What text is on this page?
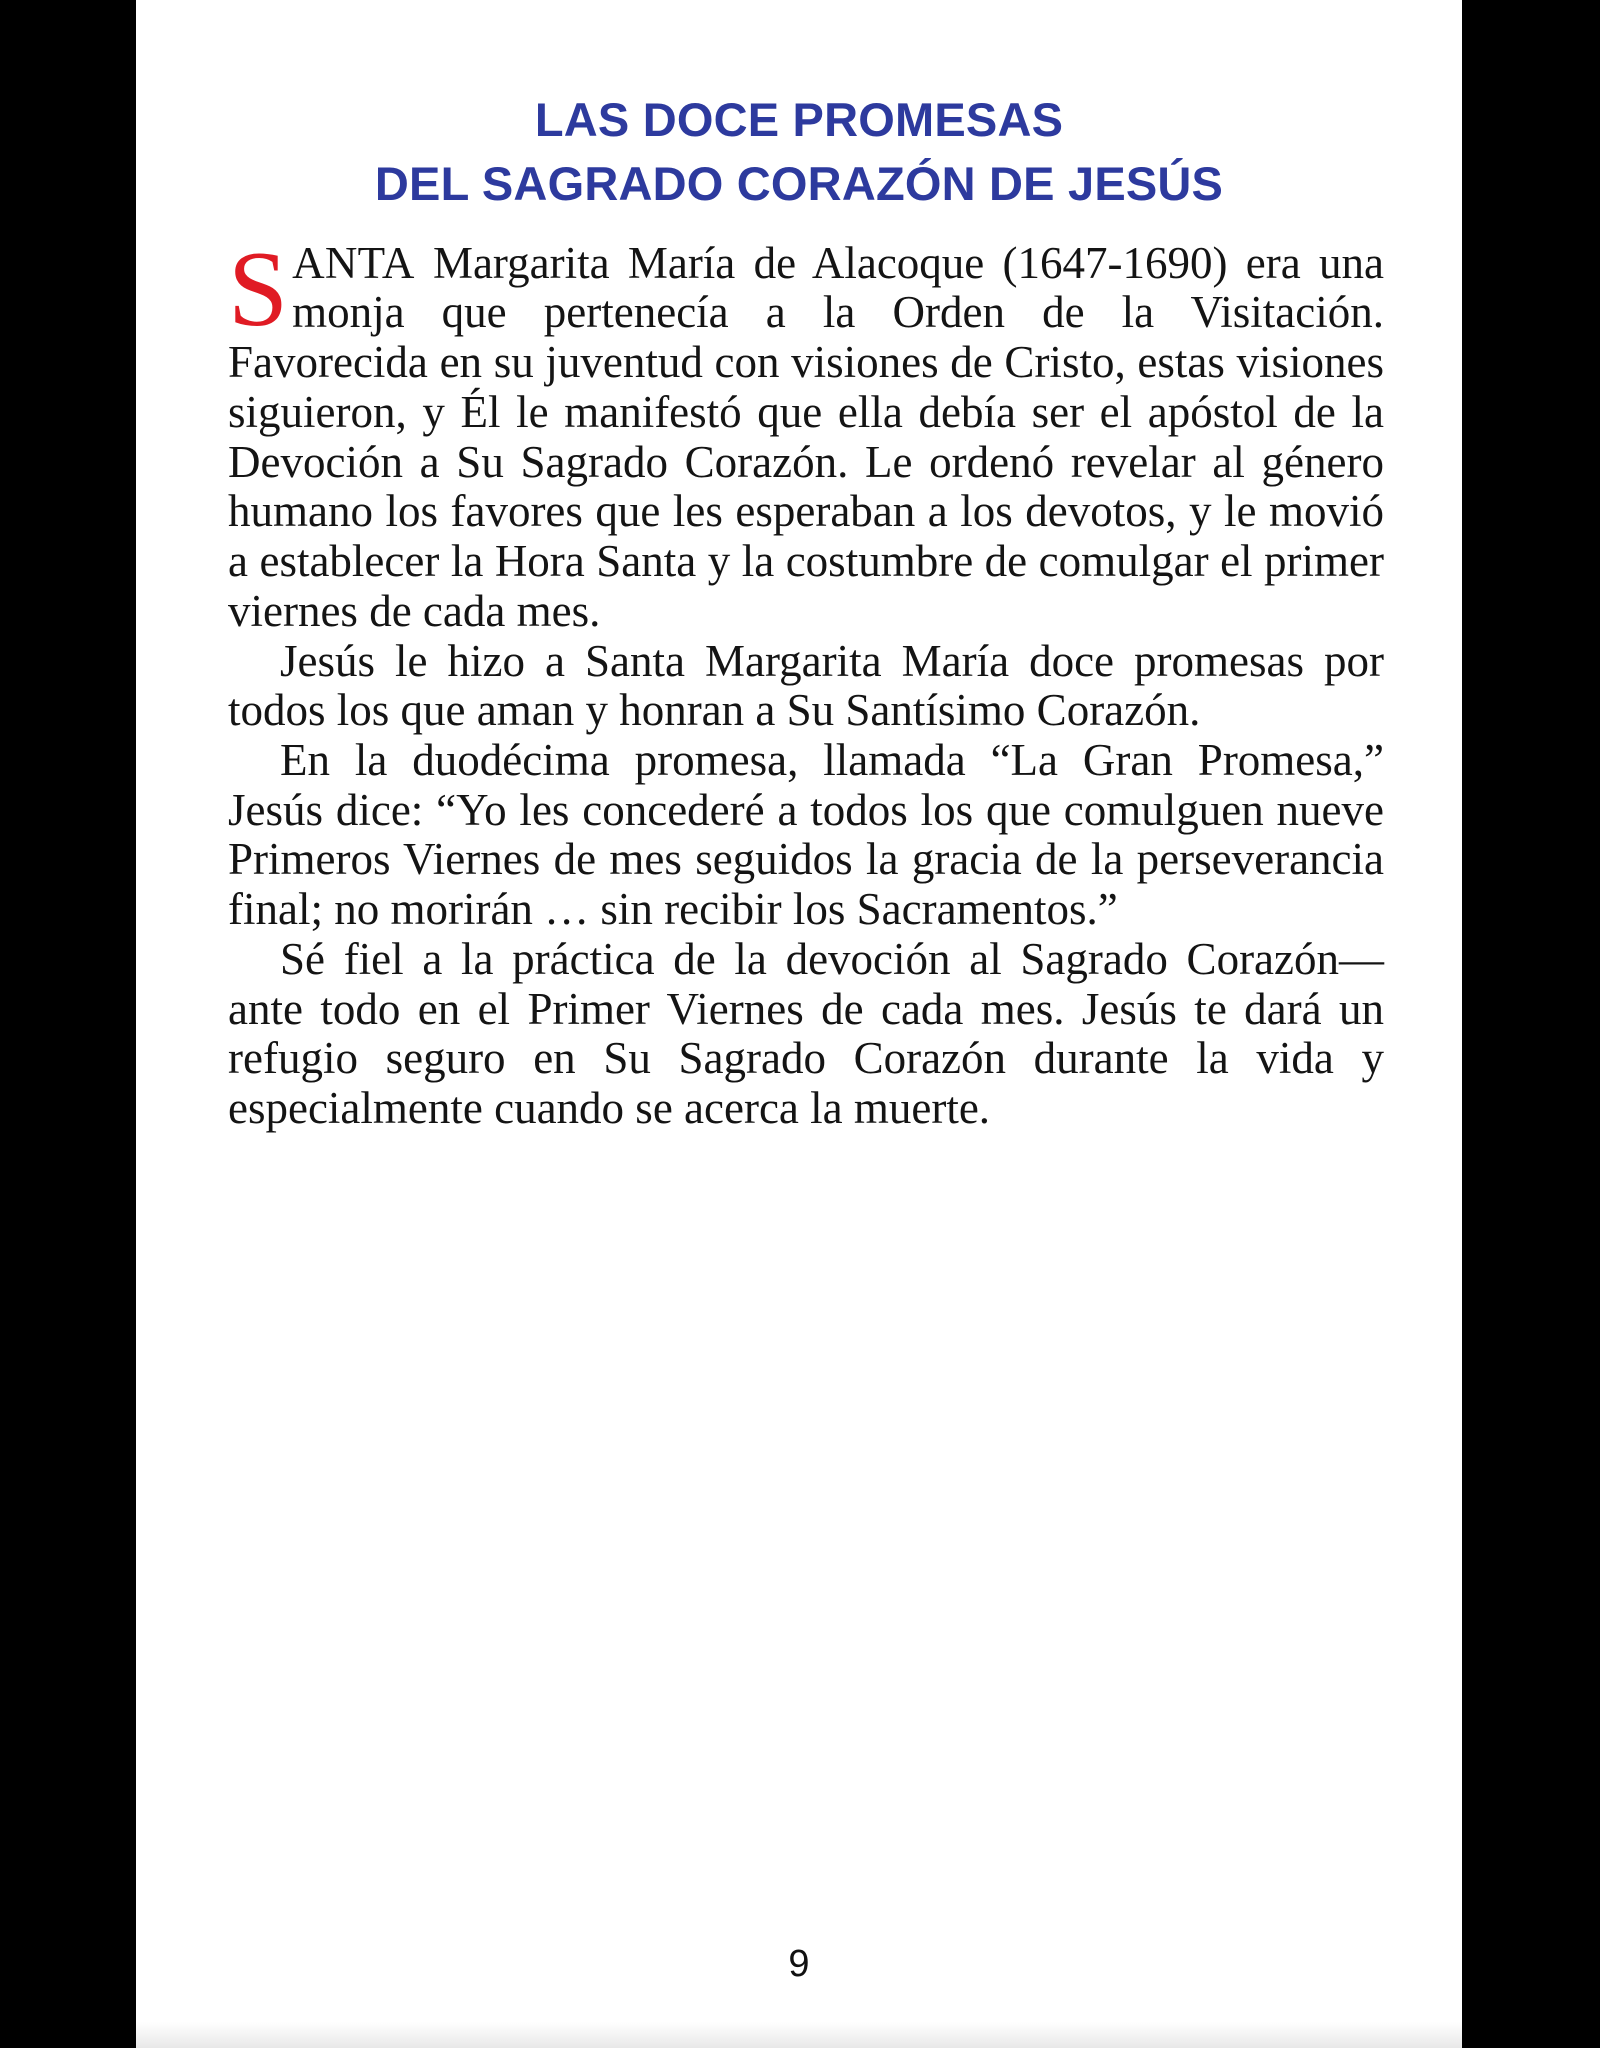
LAS DOCE PROMESAS
DEL SAGRADO CORAZÓN DE JESÚS

SANTA Margarita María de Alacoque (1647-1690) era una monja que pertenecía a la Orden de la Visitación. Favorecida en su juventud con visiones de Cristo, estas visiones siguieron, y Él le manifestó que ella debía ser el apóstol de la Devoción a Su Sagrado Corazón. Le ordenó revelar al género humano los favores que les esperaban a los devotos, y le movió a establecer la Hora Santa y la costumbre de comulgar el primer viernes de cada mes.

Jesús le hizo a Santa Margarita María doce promesas por todos los que aman y honran a Su Santísimo Corazón.

En la duodécima promesa, llamada “La Gran Promesa,” Jesús dice: “Yo les concederé a todos los que comulguen nueve Primeros Viernes de mes seguidos la gracia de la perseverancia final; no morirán … sin recibir los Sacramentos.”

Sé fiel a la práctica de la devoción al Sagrado Corazón—ante todo en el Primer Viernes de cada mes. Jesús te dará un refugio seguro en Su Sagrado Corazón durante la vida y especialmente cuando se acerca la muerte.

9
